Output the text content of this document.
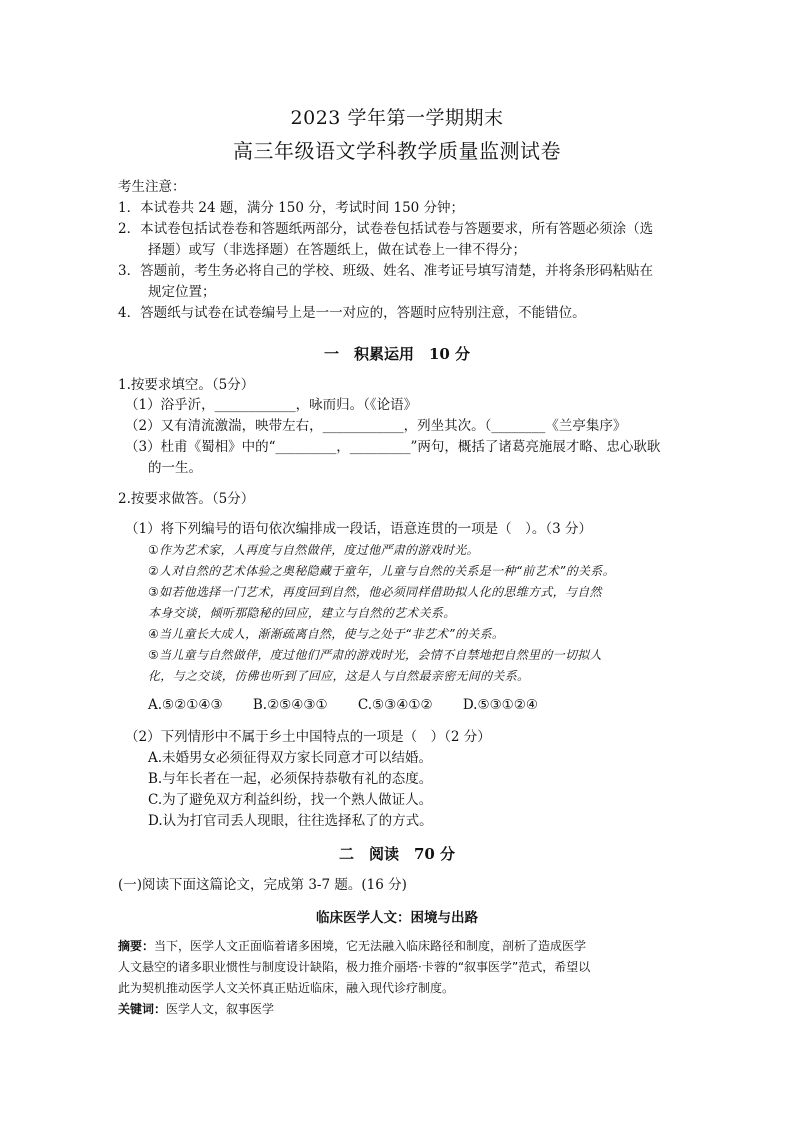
2023 学年第一学期期末
高三年级语文学科教学质量监测试卷
考生注意：
1．本试卷共 24 题，满分 150 分，考试时间 150 分钟；
2．本试卷包括试卷卷和答题纸两部分，试卷卷包括试卷与答题要求，所有答题必须涂（选
择题）或写（非选择题）在答题纸上，做在试卷上一律不得分；
3．答题前，考生务必将自己的学校、班级、姓名、准考证号填写清楚，并将条形码粘贴在
规定位置；
4．答题纸与试卷在试卷编号上是一一对应的，答题时应特别注意，不能错位。
一　积累运用　10 分
1.按要求填空。（5分）
（1）浴乎沂，____________，咏而归。（《论语》
（2）又有清流激湍，映带左右，____________，列坐其次。（________《兰亭集序》
（3）杜甫《蜀相》中的“_________，_________”两句，概括了诸葛亮施展才略、忠心耿耿
的一生。
2.按要求做答。（5分）
（1）将下列编号的语句依次编排成一段话，语意连贯的一项是（　）。（3 分）
①作为艺术家，人再度与自然做伴，度过他严肃的游戏时光。
②人对自然的艺术体验之奥秘隐藏于童年，儿童与自然的关系是一种“前艺术”的关系。
③如若他选择一门艺术，再度回到自然，他必须同样借助拟人化的思维方式，与自然
本身交谈，倾听那隐秘的回应，建立与自然的艺术关系。
④当儿童长大成人，渐渐疏离自然，使与之处于“非艺术”的关系。
⑤当儿童与自然做伴，度过他们严肃的游戏时光，会情不自禁地把自然里的一切拟人
化，与之交谈，仿佛也听到了回应，这是人与自然最亲密无间的关系。
A.⑤②①④③ B.②⑤④③① C.⑤③④①② D.⑤③①②④
（2）下列情形中不属于乡土中国特点的一项是（　）（2 分）
A.未婚男女必须征得双方家长同意才可以结婚。
B.与年长者在一起，必须保持恭敬有礼的态度。
C.为了避免双方利益纠纷，找一个熟人做证人。
D.认为打官司丢人现眼，往往选择私了的方式。
二　阅读　70 分
(一)阅读下面这篇论文，完成第 3-7 题。(16 分)
临床医学人文：困境与出路
摘要：当下，医学人文正面临着诸多困境，它无法融入临床路径和制度，剖析了造成医学
人文悬空的诸多职业惯性与制度设计缺陷，极力推介丽塔·卡蓉的“叙事医学”范式，希望以
此为契机推动医学人文关怀真正贴近临床，融入现代诊疗制度。
关键词：医学人文，叙事医学
